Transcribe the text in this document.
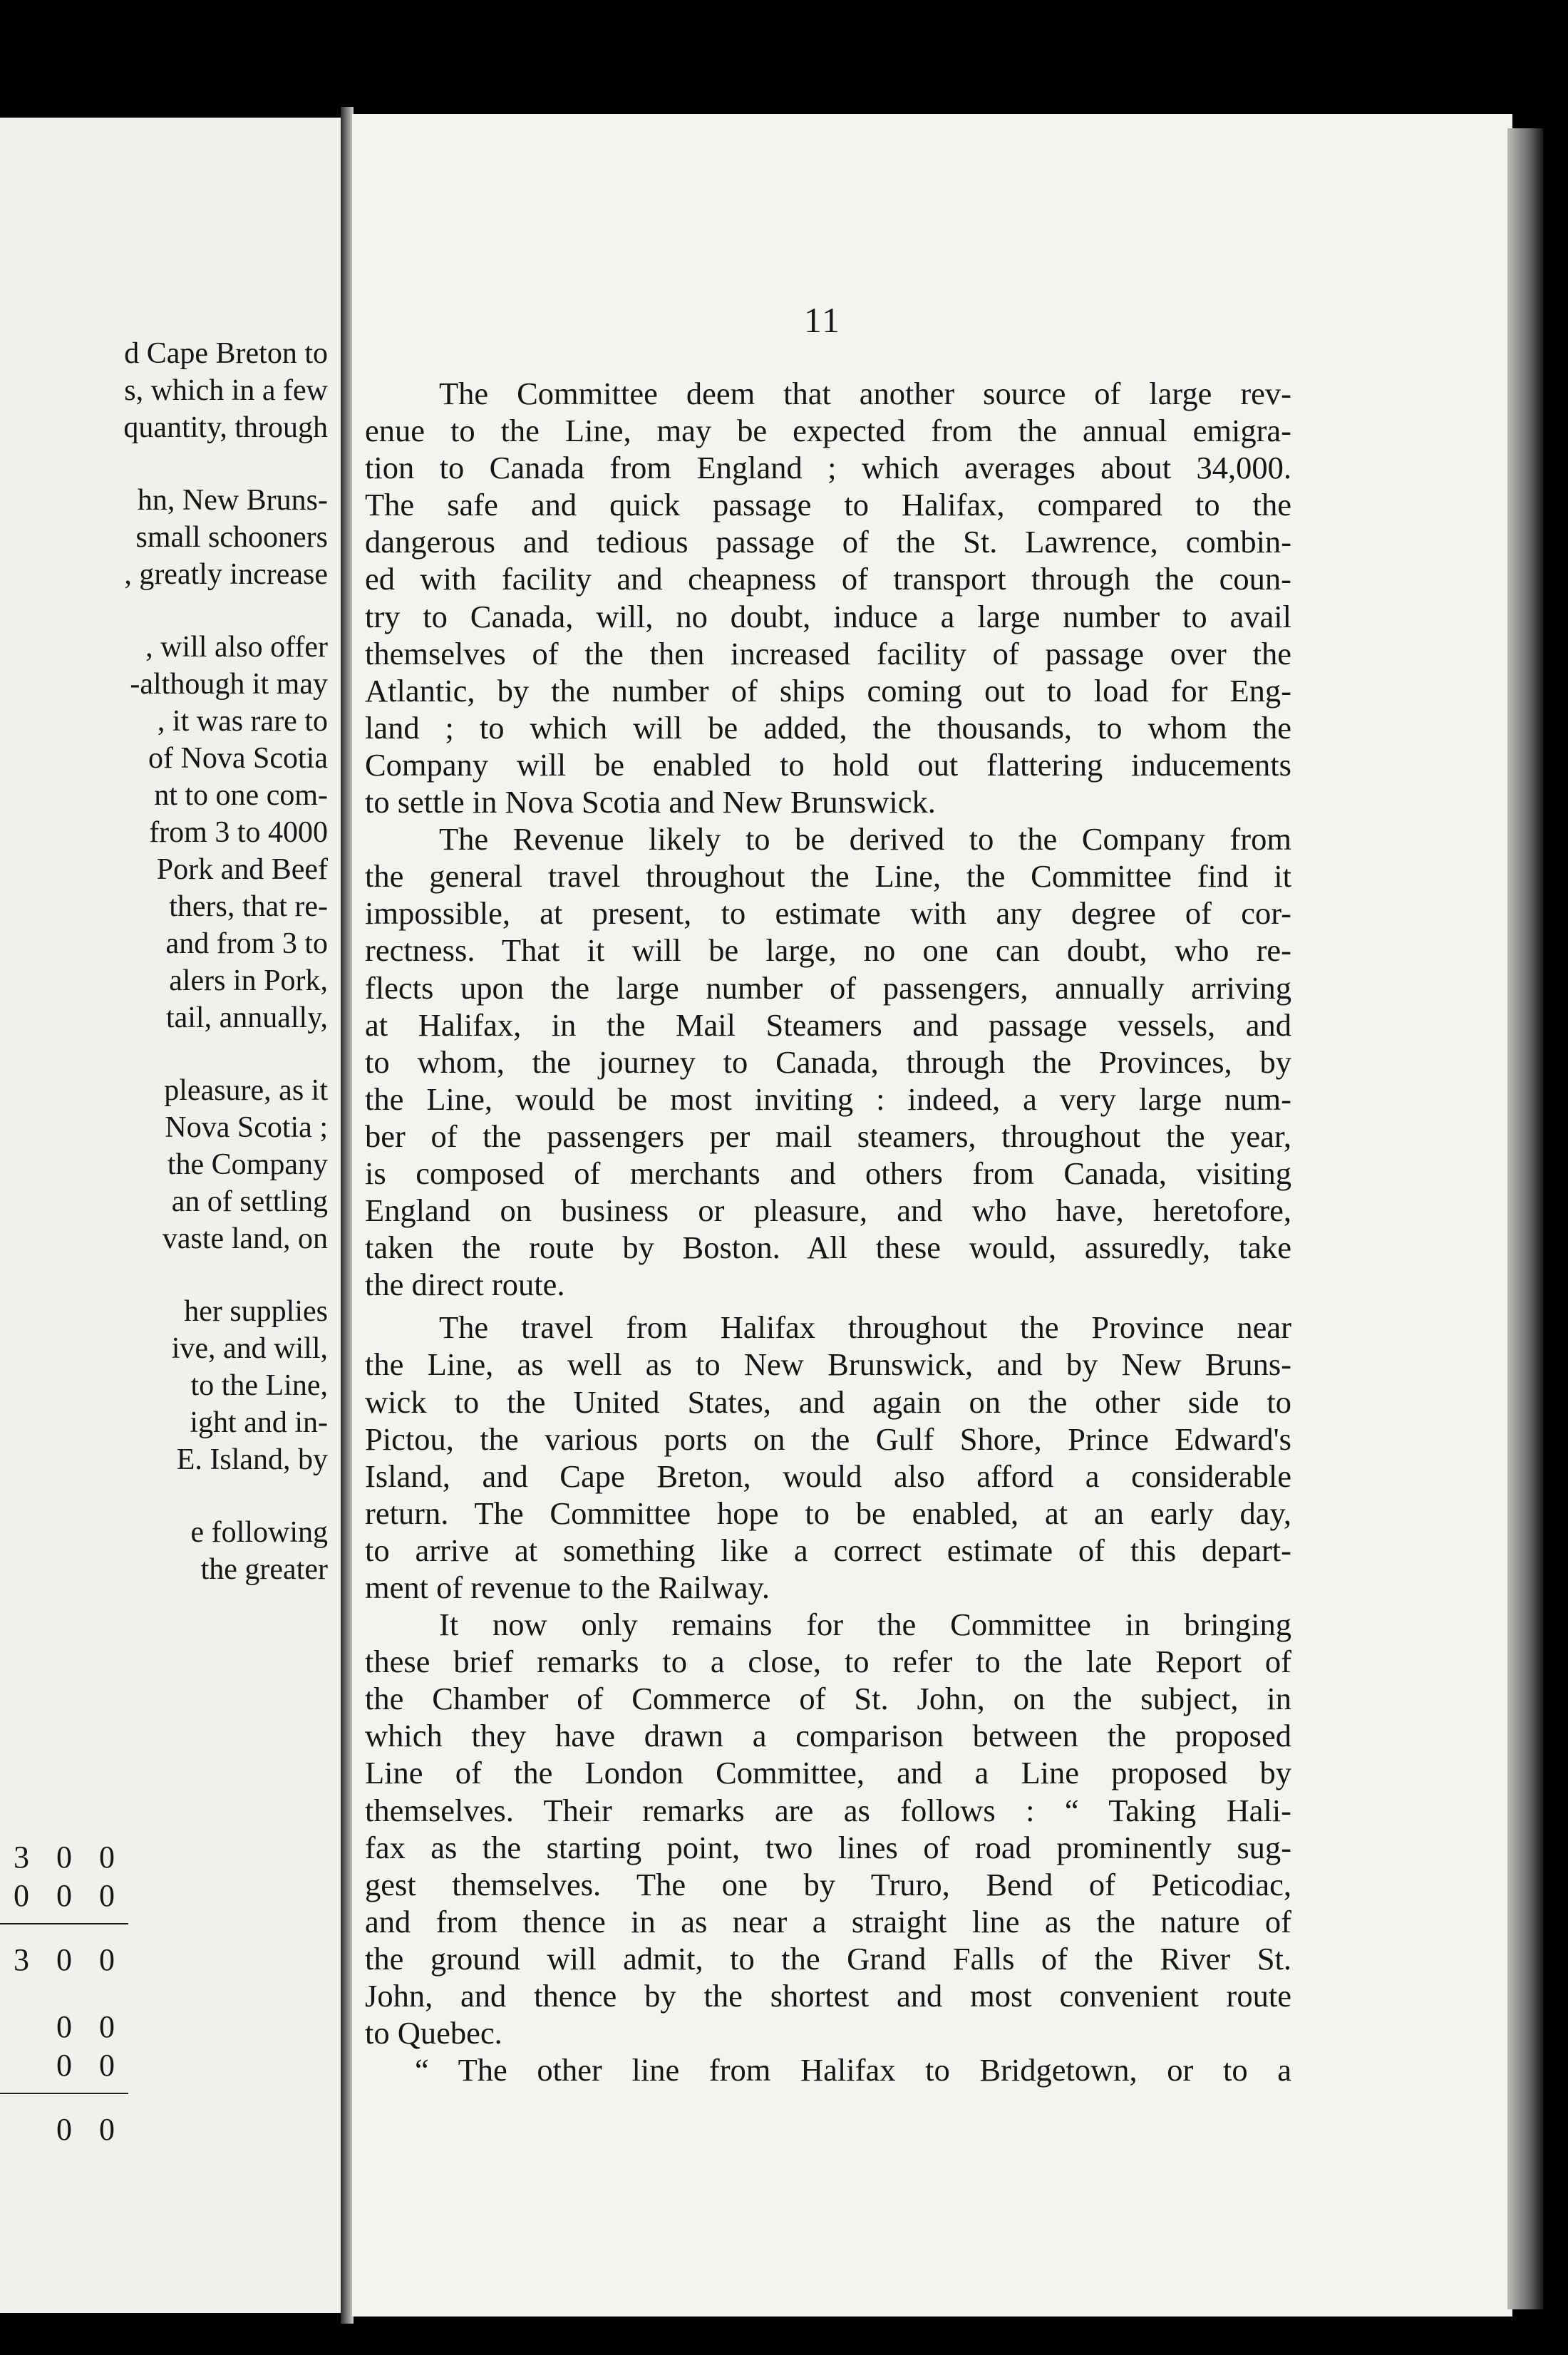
d Cape Breton to
s, which in a few
quantity, through
hn, New Bruns-
small schooners
, greatly increase
, will also offer
-although it may
, it was rare to
of Nova Scotia
nt to one com-
from 3 to 4000
Pork and Beef
thers, that re-
and from 3 to
alers in Pork,
tail, annually,
pleasure, as it
Nova Scotia ;
the Company
an of settling
vaste land, on
her supplies
ive, and will,
to the Line,
ight and in-
E. Island, by
e following
the greater
3 0 0
0 0 0
3 0 0
0 0
0 0
0 0
11
The Committee deem that another source of large rev-
enue to the Line, may be expected from the annual emigra-
tion to Canada from England ; which averages about 34,000.
The safe and quick passage to Halifax, compared to the
dangerous and tedious passage of the St. Lawrence, combin-
ed with facility and cheapness of transport through the coun-
try to Canada, will, no doubt, induce a large number to avail
themselves of the then increased facility of passage over the
Atlantic, by the number of ships coming out to load for Eng-
land ; to which will be added, the thousands, to whom the
Company will be enabled to hold out flattering inducements
to settle in Nova Scotia and New Brunswick.
The Revenue likely to be derived to the Company from
the general travel throughout the Line, the Committee find it
impossible, at present, to estimate with any degree of cor-
rectness. That it will be large, no one can doubt, who re-
flects upon the large number of passengers, annually arriving
at Halifax, in the Mail Steamers and passage vessels, and
to whom, the journey to Canada, through the Provinces, by
the Line, would be most inviting : indeed, a very large num-
ber of the passengers per mail steamers, throughout the year,
is composed of merchants and others from Canada, visiting
England on business or pleasure, and who have, heretofore,
taken the route by Boston. All these would, assuredly, take
the direct route.
The travel from Halifax throughout the Province near
the Line, as well as to New Brunswick, and by New Bruns-
wick to the United States, and again on the other side to
Pictou, the various ports on the Gulf Shore, Prince Edward's
Island, and Cape Breton, would also afford a considerable
return. The Committee hope to be enabled, at an early day,
to arrive at something like a correct estimate of this depart-
ment of revenue to the Railway.
It now only remains for the Committee in bringing
these brief remarks to a close, to refer to the late Report of
the Chamber of Commerce of St. John, on the subject, in
which they have drawn a comparison between the proposed
Line of the London Committee, and a Line proposed by
themselves. Their remarks are as follows : “ Taking Hali-
fax as the starting point, two lines of road prominently sug-
gest themselves. The one by Truro, Bend of Peticodiac,
and from thence in as near a straight line as the nature of
the ground will admit, to the Grand Falls of the River St.
John, and thence by the shortest and most convenient route
to Quebec.
“ The other line from Halifax to Bridgetown, or to a
